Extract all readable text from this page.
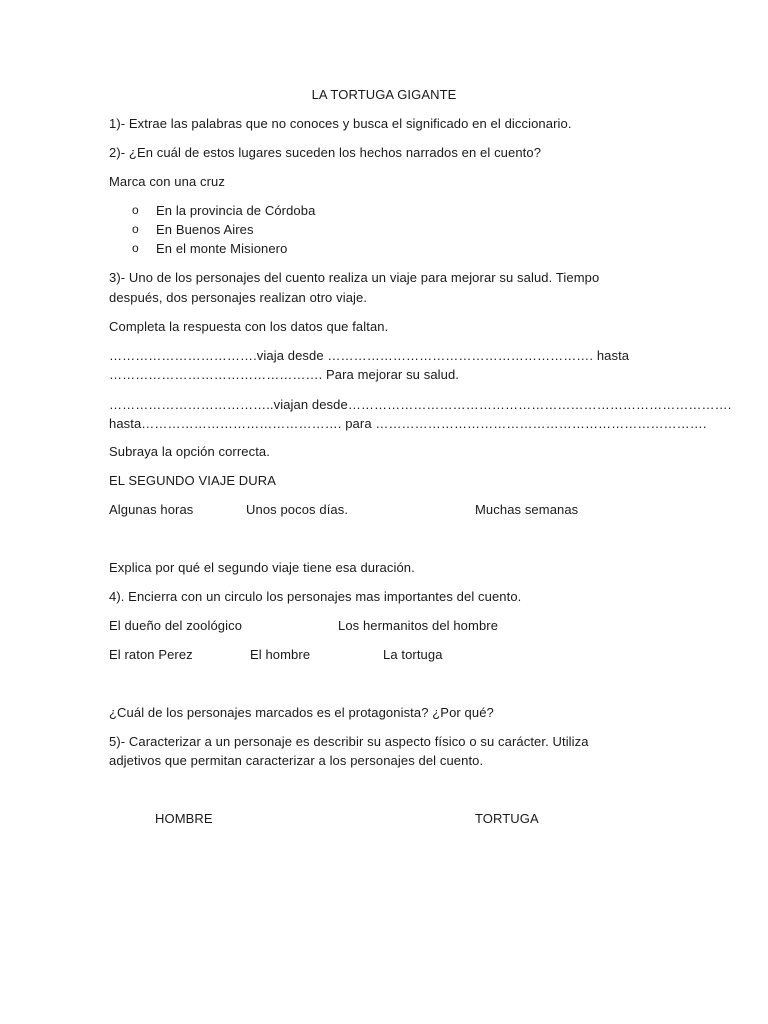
LA TORTUGA GIGANTE
1)- Extrae las palabras que no conoces y busca el significado en el diccionario.
2)- ¿En cuál de estos lugares suceden los hechos narrados en el cuento?
Marca con una cruz
o En la provincia de Córdoba
o En Buenos Aires
o En el monte Misionero
3)- Uno de los personajes del cuento realiza un viaje para mejorar su salud. Tiempo
después, dos personajes realizan otro viaje.
Completa la respuesta con los datos que faltan.
…………………………….viaja desde ……………………………………………………. hasta
…………………………………………. Para mejorar su salud.
………………………………..viajan desde…………………………………………………………………………….
hasta………………………………………. para ………………………………………………………………….
Subraya la opción correcta.
EL SEGUNDO VIAJE DURA
Algunas horas	Unos pocos días.	Muchas semanas
Explica por qué el segundo viaje tiene esa duración.
4). Encierra con un circulo los personajes mas importantes del cuento.
El dueño del zoológico	Los hermanitos del hombre
El raton Perez	El hombre	La tortuga
¿Cuál de los personajes marcados es el protagonista? ¿Por qué?
5)- Caracterizar a un personaje es describir su aspecto físico o su carácter. Utiliza
adjetivos que permitan caracterizar a los personajes del cuento.
HOMBRE	TORTUGA
